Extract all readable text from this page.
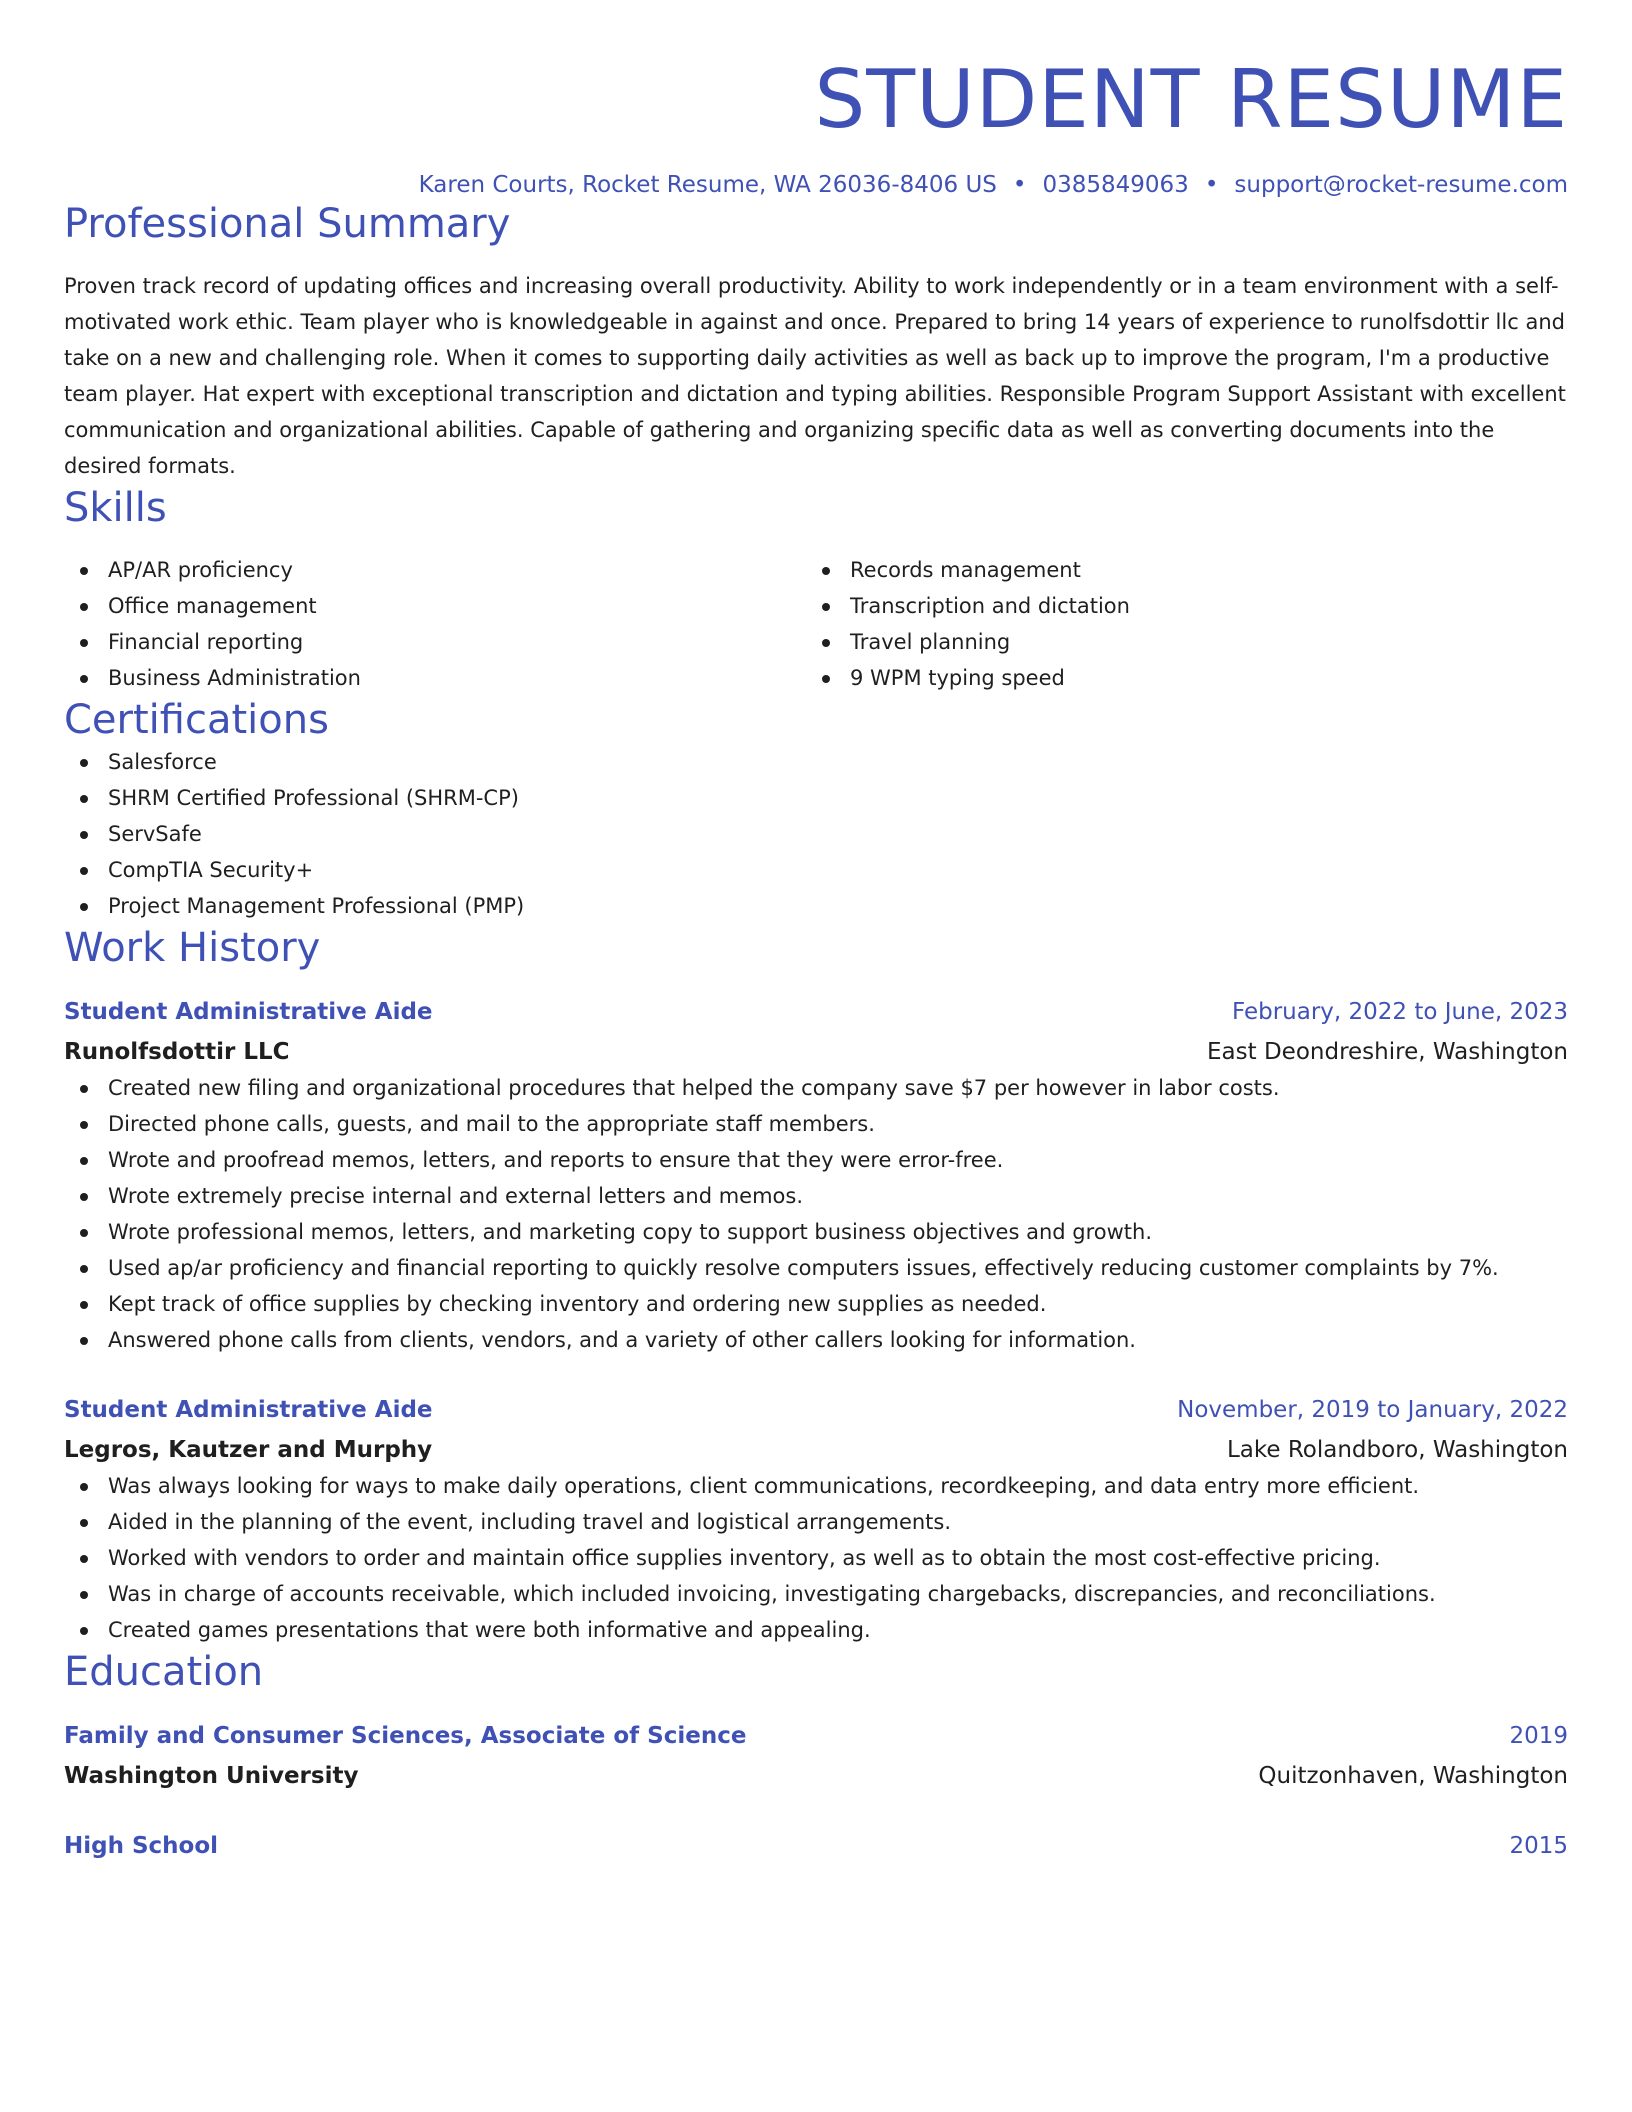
STUDENT RESUME
Karen Courts, Rocket Resume, WA 26036-8406 US • 0385849063 • support@rocket-resume.com
Professional Summary
Proven track record of updating offices and increasing overall productivity. Ability to work independently or in a team environment with a self-motivated work ethic. Team player who is knowledgeable in against and once. Prepared to bring 14 years of experience to runolfsdottir llc and take on a new and challenging role. When it comes to supporting daily activities as well as back up to improve the program, I'm a productive team player. Hat expert with exceptional transcription and dictation and typing abilities. Responsible Program Support Assistant with excellent communication and organizational abilities. Capable of gathering and organizing specific data as well as converting documents into the desired formats.
Skills
AP/AR proficiency
Office management
Financial reporting
Business Administration
Records management
Transcription and dictation
Travel planning
9 WPM typing speed
Certifications
Salesforce
SHRM Certified Professional (SHRM-CP)
ServSafe
CompTIA Security+
Project Management Professional (PMP)
Work History
Student Administrative Aide	February, 2022 to June, 2023
Runolfsdottir LLC	East Deondreshire, Washington
Created new filing and organizational procedures that helped the company save $7 per however in labor costs.
Directed phone calls, guests, and mail to the appropriate staff members.
Wrote and proofread memos, letters, and reports to ensure that they were error-free.
Wrote extremely precise internal and external letters and memos.
Wrote professional memos, letters, and marketing copy to support business objectives and growth.
Used ap/ar proficiency and financial reporting to quickly resolve computers issues, effectively reducing customer complaints by 7%.
Kept track of office supplies by checking inventory and ordering new supplies as needed.
Answered phone calls from clients, vendors, and a variety of other callers looking for information.
Student Administrative Aide	November, 2019 to January, 2022
Legros, Kautzer and Murphy	Lake Rolandboro, Washington
Was always looking for ways to make daily operations, client communications, recordkeeping, and data entry more efficient.
Aided in the planning of the event, including travel and logistical arrangements.
Worked with vendors to order and maintain office supplies inventory, as well as to obtain the most cost-effective pricing.
Was in charge of accounts receivable, which included invoicing, investigating chargebacks, discrepancies, and reconciliations.
Created games presentations that were both informative and appealing.
Education
Family and Consumer Sciences, Associate of Science	2019
Washington University	Quitzonhaven, Washington
High School	2015
